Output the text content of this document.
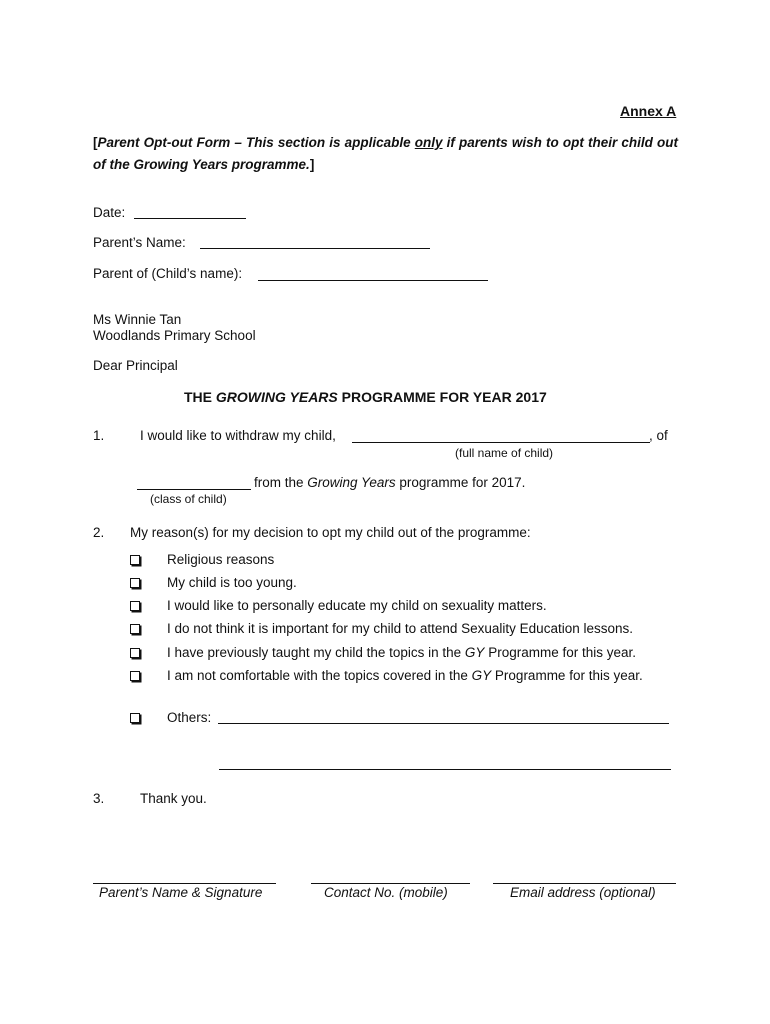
Annex A
[Parent Opt-out Form – This section is applicable only if parents wish to opt their child out of the Growing Years programme.]
Date:
Parent’s Name:
Parent of (Child’s name):
Ms Winnie Tan
Woodlands Primary School
Dear Principal
THE GROWING YEARS PROGRAMME FOR YEAR 2017
1.	I would like to withdraw my child,	, of
(full name of child)
from the Growing Years programme for 2017.
(class of child)
2. My reason(s) for my decision to opt my child out of the programme:
Religious reasons
My child is too young.
I would like to personally educate my child on sexuality matters.
I do not think it is important for my child to attend Sexuality Education lessons.
I have previously taught my child the topics in the GY Programme for this year.
I am not comfortable with the topics covered in the GY Programme for this year.
Others:
3.	Thank you.
Parent’s Name & Signature	Contact No. (mobile)	Email address (optional)
